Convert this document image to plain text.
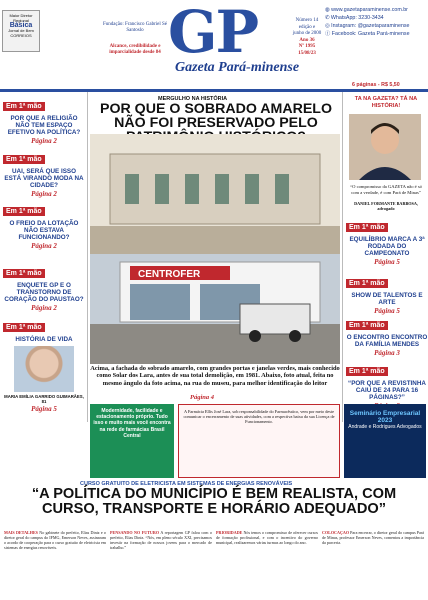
Maior Diretor Regional
Básica
Jornal de Bem
CORREIOS
Fundação: Francisco Gabriel Sé Santoslo
Alcance, credibilidade e imparcialidade desde 84 GP
Gazeta Pará-minense
Número 14
edição e
junho de 2000
Ano 36
Nº 1995
15/08/23
◍ www.gazetaparaminense.com.br
✆ WhatsApp: 3230-3434
◎ Instagram: @gazetaparaminense
ⓕ Facebook: Gazeta Pará-minense
6 páginas - R$ 5,50
Em 1ª mão
POR QUE A RELIGIÃO NÃO TEM ESPAÇO EFETIVO NA POLÍTICA?
Página 2
Em 1ª mão
UAI, SERÁ QUE ISSO ESTÁ VIRANDO MODA NA CIDADE?
Página 2
Em 1ª mão
O FREIO DA LOTAÇÃO NÃO ESTAVA FUNCIONANDO?
Página 2
Em 1ª mão
ENQUETE GP E O TRANSTORNO DE CORAÇÃO DO PAUSTAO?
Página 2
Em 1ª mão
HISTÓRIA DE VIDA
MARIA EMÍLIA GARRIDO GUIMARÃES, 81
Página 5
MERGULHO NA HISTÓRIA
POR QUE O SOBRADO AMARELO NÃO FOI PRESERVADO PELO
CENTROFER
Acima, a fachada do sobrado amarelo, com grandes portas e janelas verdes, mais conhecido como Solar dos Lara, antes de sua total demolição, em 1981. Abaixo, foto atual, feita no mesmo ângulo da foto acima, na rua do museu, para melhor identificação do leitor
Página 4
TA NA GAZETA? TÁ NA HISTÓRIA!
“O compromisso da GAZETA não é só com a verdade, é com Pará de Minas”
DANIEL FORMANTE BARBOSA, advogado
Em 1ª mão
EQUILÍBRIO MARCA A 3ª RODADA DO CAMPEONATO
Página 5
Em 1ª mão
SHOW DE TALENTOS E ARTE
Página 5
Em 1ª mão
O ENCONTRO ENCONTRO DA FAMÍLIA MENDES
Página 3
Em 1ª mão
“POR QUE A REVISTINHA CAIU DE 24 PARA 16 PÁGINAS?”
Modernidade, facilidade e estacionamento próprio. Tudo isso e muito mais você encontra na rede de farmácias Brasil Central
A Farmácia Ellis José Lara, sob responsabilidade do Farmacêutico, vem por meio deste comunicar o encerramento de suas atividades, com a respectiva baixa da sua Licença de Funcionamento.
Seminário Empresarial 2023
Andrade e Rodrigues Advogados
CURSO GRATUITO DE ELETRICISTA EM SISTEMAS DE ENERGIAS RENOVÁVEIS
“A POLÍTICA DO MUNICÍPIO É BEM REALISTA, COM CURSO, TRANSPORTE E HORÁRIO ADEQUADO”
MAIS DETALHES No gabinete do prefeito, Elias Diniz e o diretor geral do campus do IFMG, Emerson Neves, assinaram o acordo de cooperação para o curso gratuito de eletricista em sistemas de energias renováveis.
PENSANDO NO FUTURO A reportagem GP falou com o prefeito, Elias Diniz. “Nós, em pleno século XXI, precisamos investir na formação de nossos jovens para o mercado de trabalho.”
PRIORIDADE Nós temos o compromisso de oferecer cursos de formação profissional, e com o incentivo do governo municipal, realizaremos várias turmas ao longo do ano.
COLOCAÇÃO Para encerrar, o diretor geral do campus Pará de Minas, professor Emerson Neves, comentou a importância da parceria.
